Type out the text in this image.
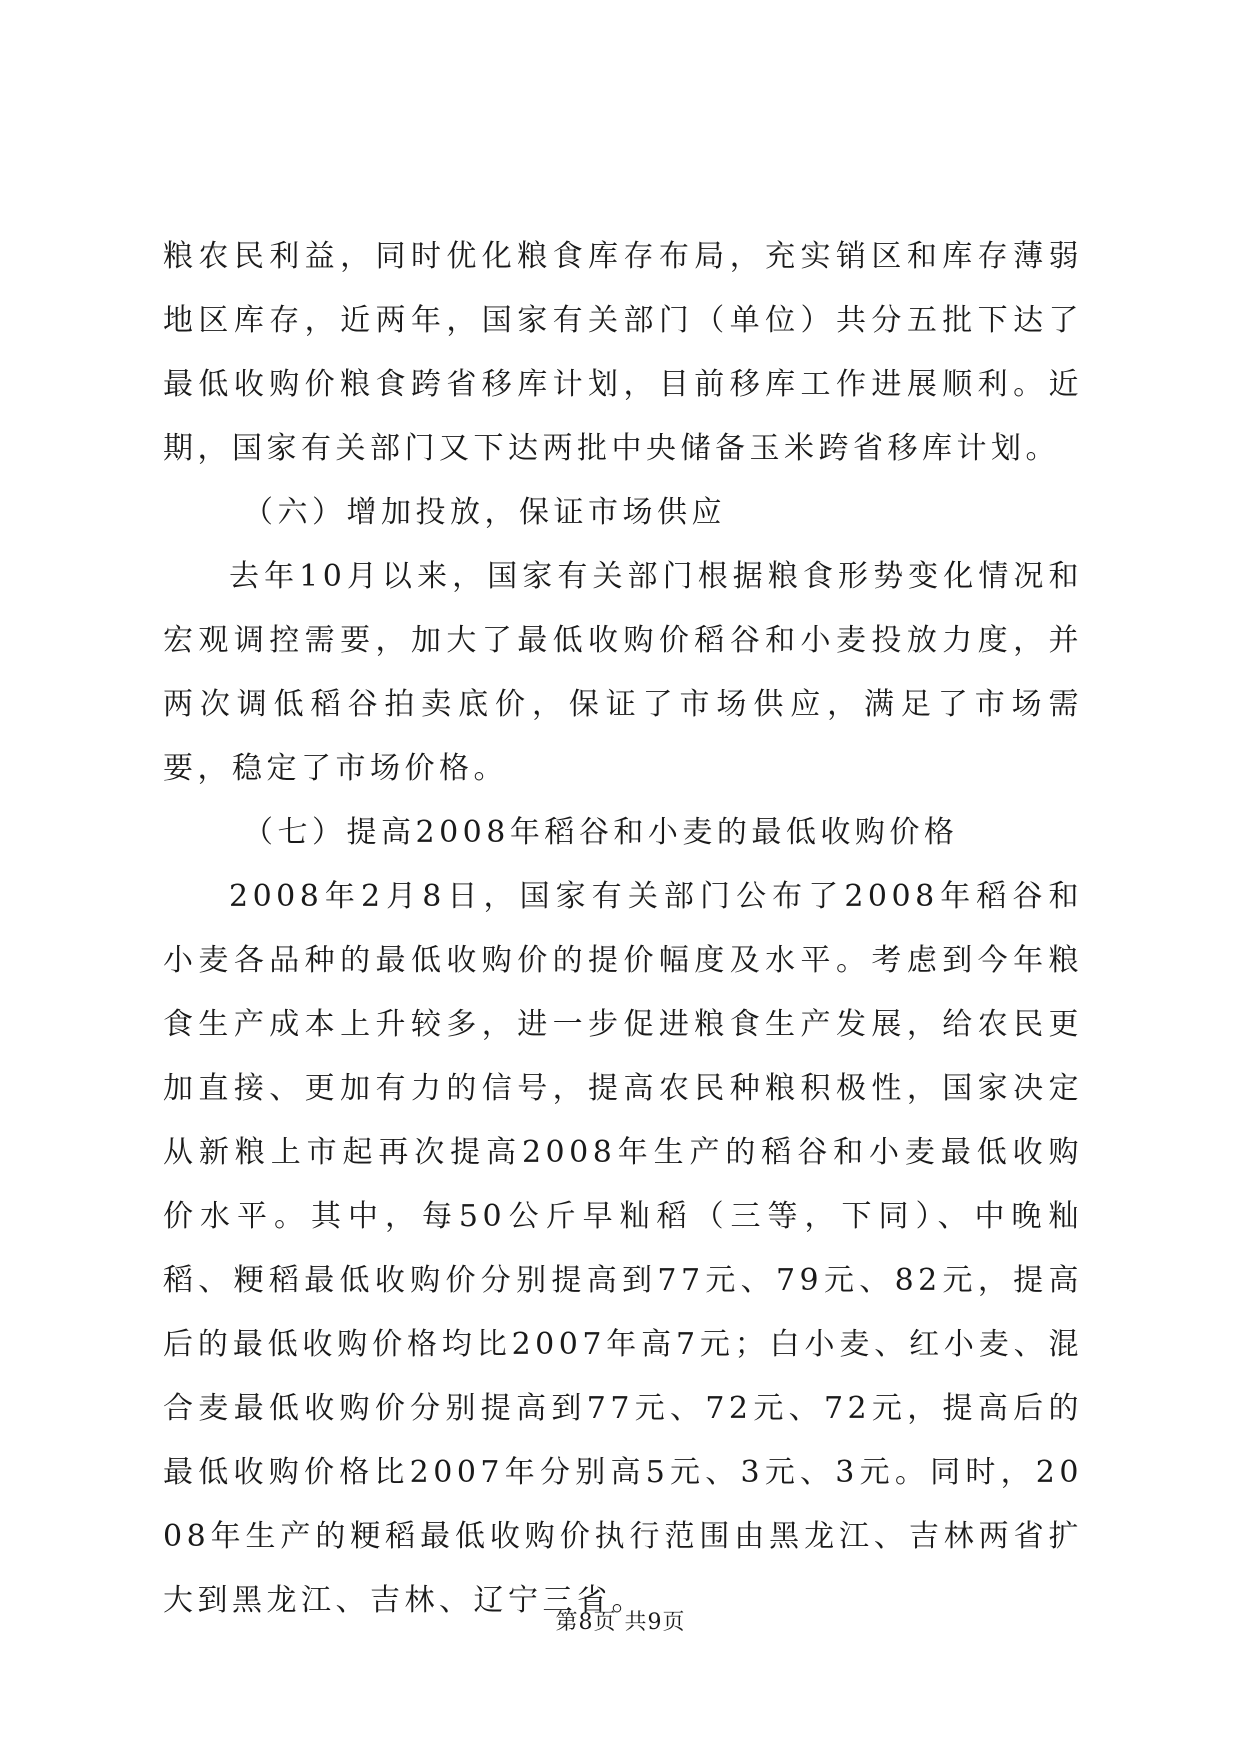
粮农民利益，同时优化粮食库存布局，充实销区和库存薄弱地区库存，近两年，国家有关部门（单位）共分五批下达了最低收购价粮食跨省移库计划，目前移库工作进展顺利。近期，国家有关部门又下达两批中央储备玉米跨省移库计划。

（六）增加投放，保证市场供应

去年10月以来，国家有关部门根据粮食形势变化情况和宏观调控需要，加大了最低收购价稻谷和小麦投放力度，并两次调低稻谷拍卖底价，保证了市场供应，满足了市场需要，稳定了市场价格。

（七）提高2008年稻谷和小麦的最低收购价格

2008年2月8日，国家有关部门公布了2008年稻谷和小麦各品种的最低收购价的提价幅度及水平。考虑到今年粮食生产成本上升较多，进一步促进粮食生产发展，给农民更加直接、更加有力的信号，提高农民种粮积极性，国家决定从新粮上市起再次提高2008年生产的稻谷和小麦最低收购价水平。其中，每50公斤早籼稻（三等，下同）、中晚籼稻、粳稻最低收购价分别提高到77元、79元、82元，提高后的最低收购价格均比2007年高7元；白小麦、红小麦、混合麦最低收购价分别提高到77元、72元、72元，提高后的最低收购价格比2007年分别高5元、3元、3元。同时，2008年生产的粳稻最低收购价执行范围由黑龙江、吉林两省扩大到黑龙江、吉林、辽宁三省。

第8页 共9页
